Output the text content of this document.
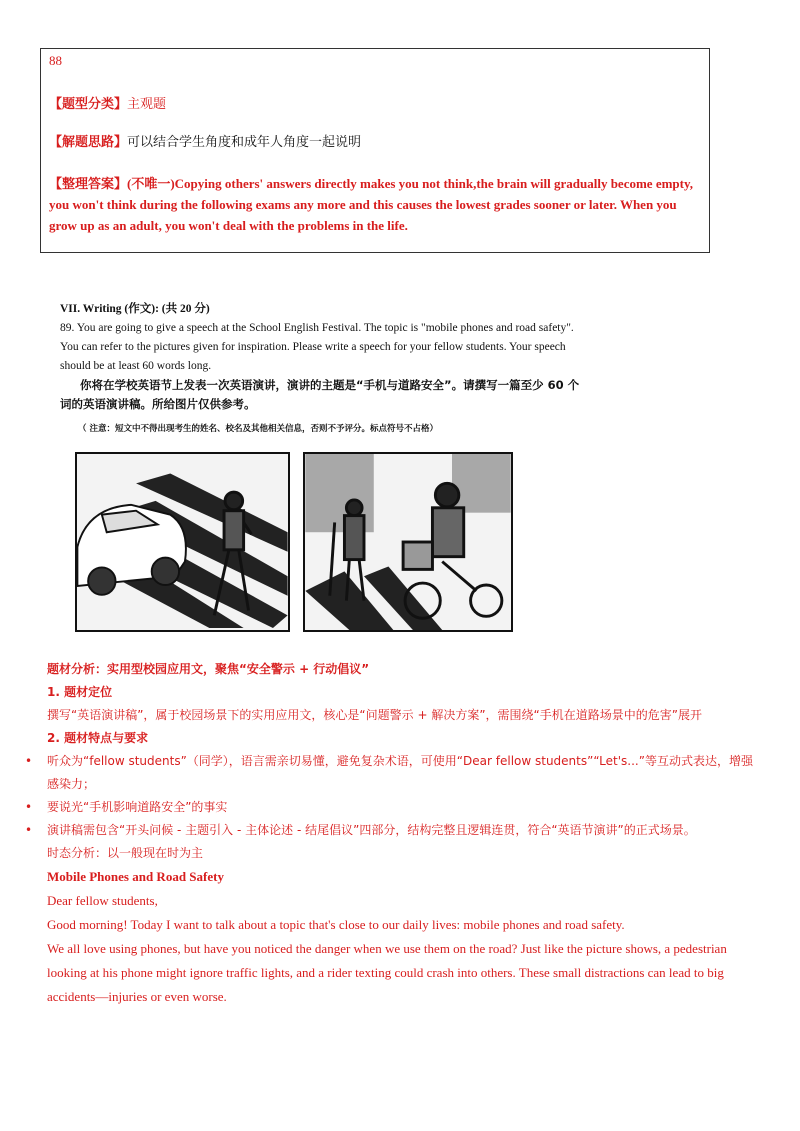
88
【题型分类】主观题
【解题思路】可以结合学生角度和成年人角度一起说明
【整理答案】(不唯一)Copying others' answers directly makes you not think,the brain will gradually become empty, you won't think during the following exams any more and this causes the lowest grades sooner or later. When you grow up as an adult, you won't deal with the problems in the life.
VII. Writing (作文): (共 20 分)
89. You are going to give a speech at the School English Festival. The topic is "mobile phones and road safety". You can refer to the pictures given for inspiration. Please write a speech for your fellow students. Your speech should be at least 60 words long.
你将在学校英语节上发表一次英语演讲，演讲的主题是“手机与道路安全”。请撰写一篇至少 60 个词的英语演讲稿。所给图片仅供参考。
（ 注意：短文中不得出现考生的姓名、校名及其他相关信息，否则不予评分。标点符号不占格）

题材分析：实用型校园应用文，聚焦“安全警示 + 行动倡议”

1. 题材定位

撰写“英语演讲稿”，属于校园场景下的实用应用文，核心是“问题警示 + 解决方案”，需围绕“手机在道路场景中的危害”展开

2. 题材特点与要求

• 听众为“fellow students”（同学），语言需亲切易懂，避免复杂术语，可使用“Dear fellow students”“Let's...”等互动式表达，增强感染力；
• 要说光“手机影响道路安全”的事实
• 演讲稿需包含“开头问候 - 主题引入 - 主体论述 - 结尾倡议”四部分，结构完整且逻辑连贯，符合“英语节演讲”的正式场景。

时态分析：以一般现在时为主

Mobile Phones and Road Safety

Dear fellow students,

Good morning! Today I want to talk about a topic that's close to our daily lives: mobile phones and road safety.

We all love using phones, but have you noticed the danger when we use them on the road? Just like the picture shows, a pedestrian looking at his phone might ignore traffic lights, and a rider texting could crash into others. These small distractions can lead to big accidents—injuries or even worse.
